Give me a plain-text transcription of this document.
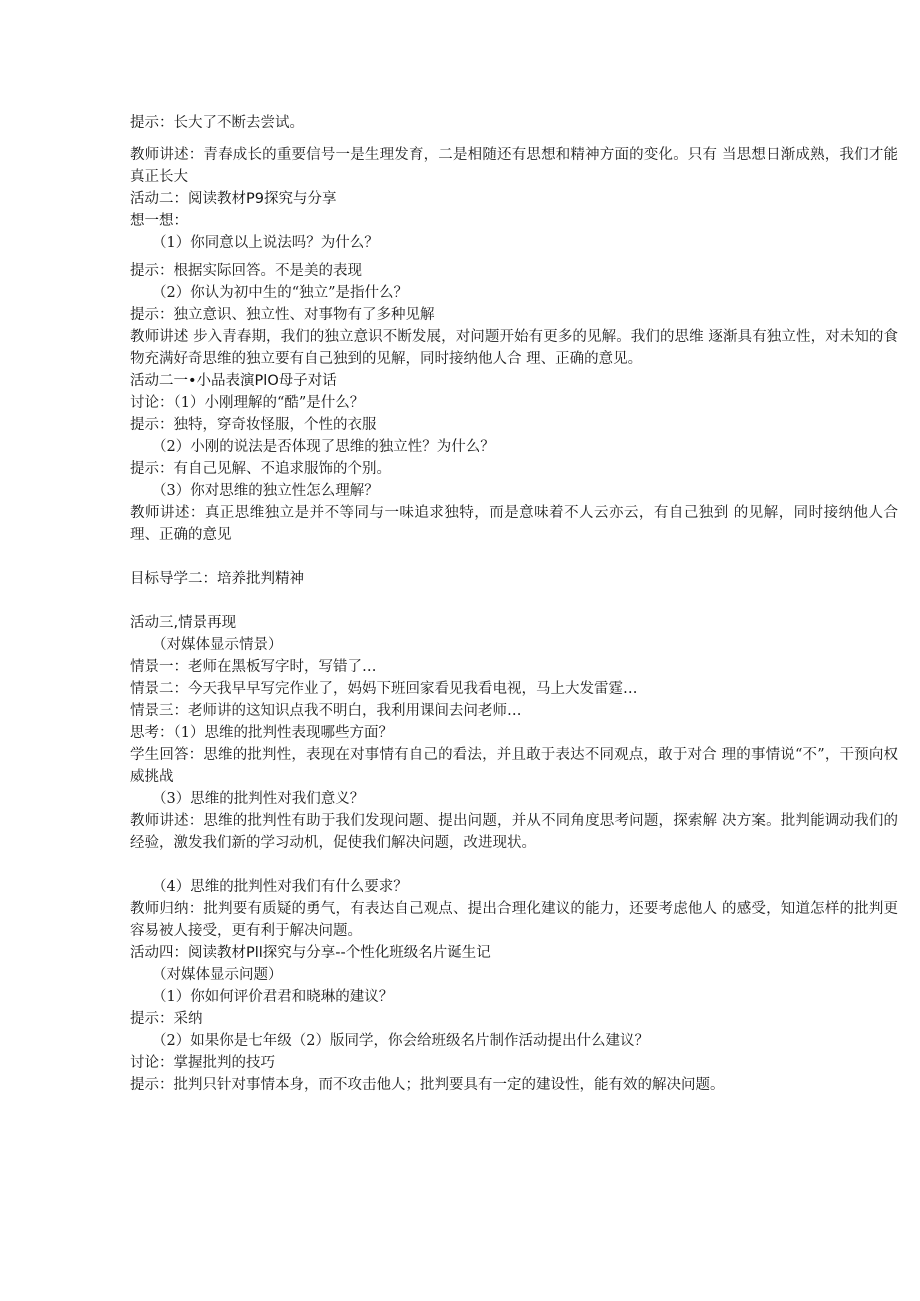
提示：长大了不断去尝试。
教师讲述：青春成长的重要信号一是生理发育，二是相随还有思想和精神方面的变化。只有 当思想日渐成熟，我们才能真正长大
活动二：阅读教材P9探究与分享
想一想：
（1）你同意以上说法吗？为什么？
提示：根据实际回答。不是美的表现
（2）你认为初中生的“独立”是指什么？
提示：独立意识、独立性、对事物有了多种见解
教师讲述 步入青春期，我们的独立意识不断发展，对问题开始有更多的见解。我们的思维 逐渐具有独立性，对未知的食物充满好奇思维的独立要有自己独到的见解，同时接纳他人合 理、正确的意见。
活动二一•小品表演PlO母子对话
讨论：（1）小刚理解的“酷”是什么？
提示：独特，穿奇妆怪服，个性的衣服
（2）小刚的说法是否体现了思维的独立性？为什么？
提示：有自己见解、不追求服饰的个别。
（3）你对思维的独立性怎么理解？
教师讲述：真正思维独立是并不等同与一味追求独特，而是意味着不人云亦云，有自己独到 的见解，同时接纳他人合理、正确的意见
目标导学二：培养批判精神
活动三,情景再现
（对媒体显示情景）
情景一：老师在黑板写字时，写错了…
情景二：今天我早早写完作业了，妈妈下班回家看见我看电视，马上大发雷霆…
情景三：老师讲的这知识点我不明白，我利用课间去问老师…
思考：（1）思维的批判性表现哪些方面？
学生回答：思维的批判性，表现在对事情有自己的看法，并且敢于表达不同观点，敢于对合 理的事情说“不”，干预向权威挑战
（3）思维的批判性对我们意义？
教师讲述：思维的批判性有助于我们发现问题、提出问题，并从不同角度思考问题，探索解 决方案。批判能调动我们的经验，激发我们新的学习动机，促使我们解决问题，改进现状。
（4）思维的批判性对我们有什么要求？
教师归纳：批判要有质疑的勇气，有表达自己观点、提出合理化建议的能力，还要考虑他人 的感受，知道怎样的批判更容易被人接受，更有利于解决问题。
活动四：阅读教材Pll探究与分享--个性化班级名片诞生记
（对媒体显示问题）
（1）你如何评价君君和晓琳的建议？
提示：采纳
（2）如果你是七年级（2）版同学，你会给班级名片制作活动提出什么建议？
讨论：掌握批判的技巧
提示：批判只针对事情本身，而不攻击他人；批判要具有一定的建设性，能有效的解决问题。
